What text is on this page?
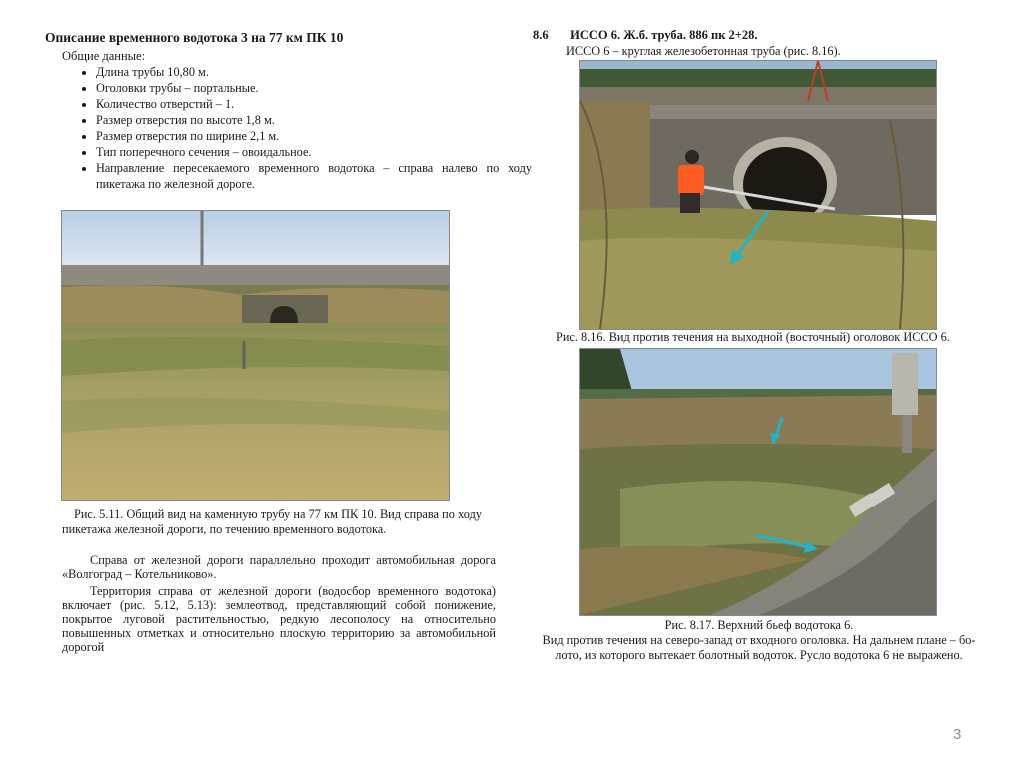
Описание временного водотока 3 на 77 км ПК 10
Общие данные:
• Длина трубы 10,80 м.
• Оголовки трубы – портальные.
• Количество отверстий – 1.
• Размер отверстия по высоте 1,8 м.
• Размер отверстия по ширине 2,1 м.
• Тип поперечного сечения – овоидальное.
• Направление пересекаемого временного водотока – справа налево по ходу пикетажа по железной дороге.
Рис. 5.11. Общий вид на каменную трубу на 77 км ПК 10. Вид справа по ходу пикетажа железной дороги, по течению временного водотока.
Справа от железной дороги параллельно проходит автомобильная дорога «Волгоград – Котельниково».
Территория справа от железной дороги (водосбор временного водотока) включает (рис. 5.12, 5.13): землеотвод, представляющий собой понижение, покрытое луговой растительностью, редкую лесополосу на относительно повышенных отметках и относительно плоскую территорию за автомобильной дорогой
8.6 ИССО 6. Ж.б. труба. 886 пк 2+28.
ИССО 6 – круглая железобетонная труба (рис. 8.16).
Рис. 8.16. Вид против течения на выходной (восточный) оголовок ИССО 6.
Рис. 8.17. Верхний бьеф водотока 6.
Вид против течения на северо-запад от входного оголовка. На дальнем плане – бо-
лото, из которого вытекает болотный водоток. Русло водотока 6 не выражено.
3
